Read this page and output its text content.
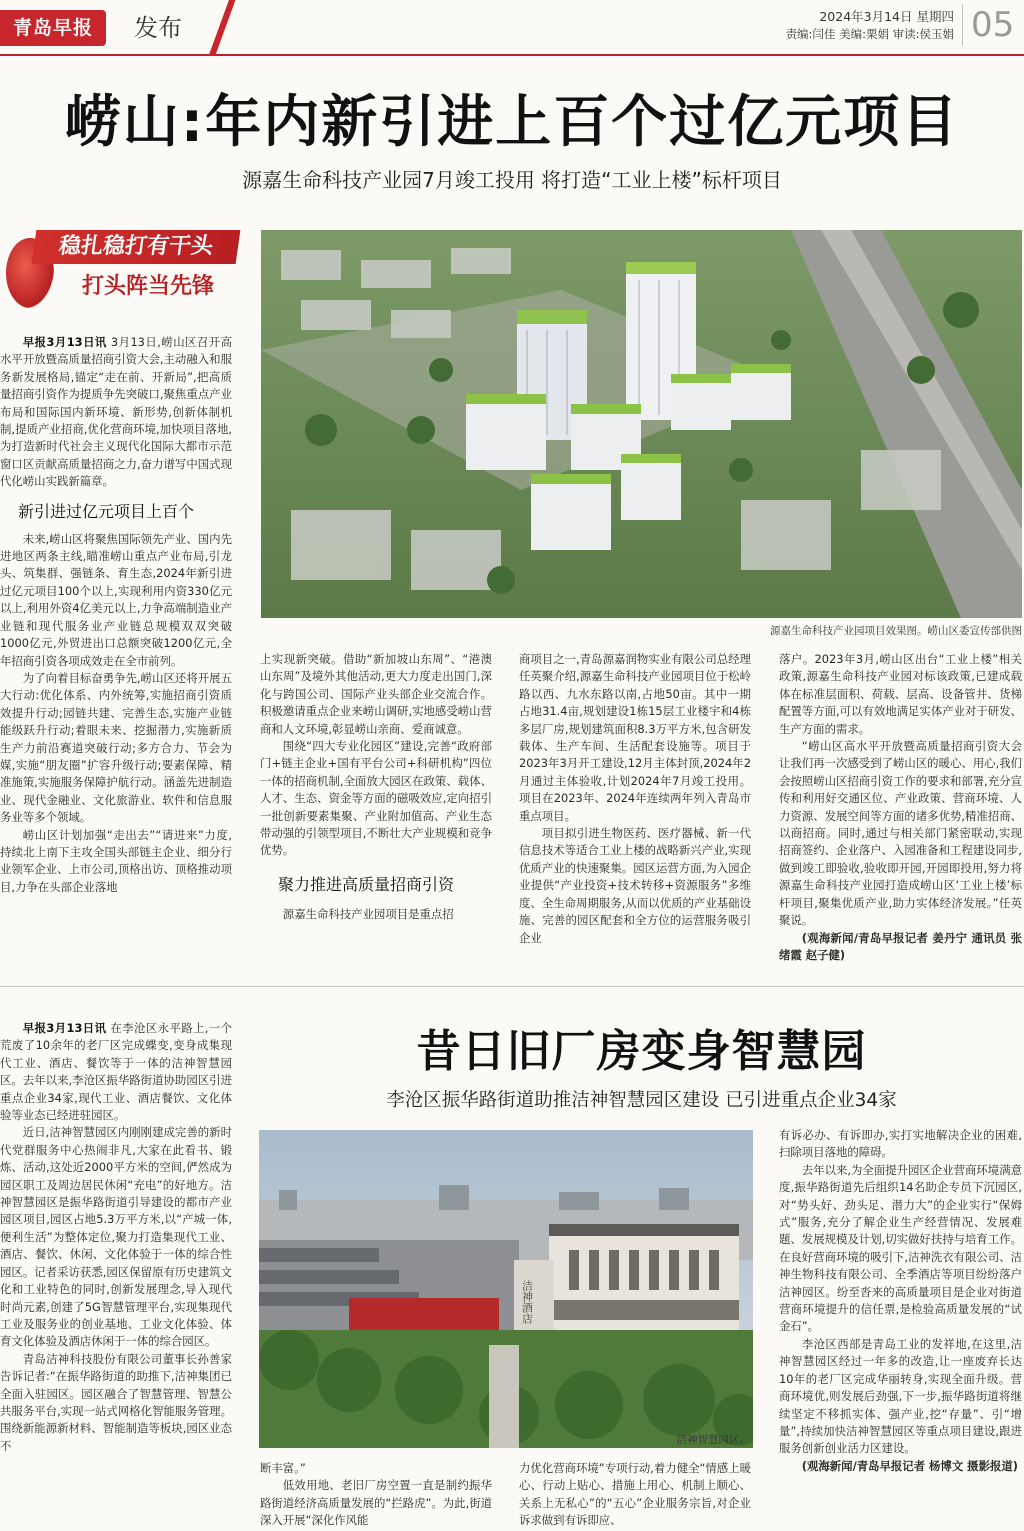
青岛早报	发布	2024年3月14日 星期四
责编:闫佳 美编:栗娟 审读:侯玉娟 05
崂山:年内新引进上百个过亿元项目
源嘉生命科技产业园7月竣工投用 将打造“工业上楼”标杆项目
稳扎稳打有干头
打头阵当先锋
源嘉生命科技产业园项目效果图。崂山区委宣传部供图

早报3月13日讯 3月13日,崂山区召开高水平开放暨高质量招商引资大会,主动融入和服务新发展格局,锚定“走在前、开新局”,把高质量招商引资作为提质争先突破口,聚焦重点产业布局和国际国内新环境、新形势,创新体制机制,提质产业招商,优化营商环境,加快项目落地,为打造新时代社会主义现代化国际大都市示范窗口区贡献高质量招商之力,奋力谱写中国式现代化崂山实践新篇章。

新引进过亿元项目上百个

未来,崂山区将聚焦国际领先产业、国内先进地区两条主线,瞄准崂山重点产业布局,引龙头、筑集群、强链条、育生态,2024年新引进过亿元项目100个以上,实现利用内资330亿元以上,利用外资4亿美元以上,力争高端制造业产业链和现代服务业产业链总规模双双突破1000亿元,外贸进出口总额突破1200亿元,全年招商引资各项成效走在全市前列。

为了向着目标奋勇争先,崂山区还将开展五大行动:优化体系、内外统筹,实施招商引资质效提升行动;园链共建、完善生态,实施产业链能级跃升行动;着眼未来、挖掘潜力,实施新质生产力前沿赛道突破行动;多方合力、节会为媒,实施“朋友圈”扩容升级行动;要素保障、精准施策,实施服务保障护航行动。涵盖先进制造业、现代金融业、文化旅游业、软件和信息服务业等多个领域。

崂山区计划加强“走出去”“请进来”力度,持续北上南下主攻全国头部链主企业、细分行业领军企业、上市公司,顶格出访、顶格推动项目,力争在头部企业落地

上实现新突破。借助“新加坡山东周”、“港澳山东周”及境外其他活动,更大力度走出国门,深化与跨国公司、国际产业头部企业交流合作。积极邀请重点企业来崂山调研,实地感受崂山营商和人文环境,彰显崂山亲商、爱商诚意。

围绕“四大专业化园区”建设,完善“政府部门+链主企业+国有平台公司+科研机构”四位一体的招商机制,全面放大园区在政策、载体、人才、生态、资金等方面的磁吸效应,定向招引一批创新要素集聚、产业附加值高、产业生态带动强的引领型项目,不断壮大产业规模和竞争优势。

聚力推进高质量招商引资

源嘉生命科技产业园项目是重点招

商项目之一,青岛源嘉润物实业有限公司总经理任英聚介绍,源嘉生命科技产业园项目位于松岭路以西、九水东路以南,占地50亩。其中一期占地31.4亩,规划建设1栋15层工业楼宇和4栋多层厂房,规划建筑面积8.3万平方米,包含研发载体、生产车间、生活配套设施等。项目于2023年3月开工建设,12月主体封顶,2024年2月通过主体验收,计划2024年7月竣工投用。项目在2023年、2024年连续两年列入青岛市重点项目。

项目拟引进生物医药、医疗器械、新一代信息技术等适合工业上楼的战略新兴产业,实现优质产业的快速聚集。园区运营方面,为入园企业提供“产业投资+技术转移+资源服务”多维度、全生命周期服务,从而以优质的产业基础设施、完善的园区配套和全方位的运营服务吸引企业

落户。2023年3月,崂山区出台“工业上楼”相关政策,源嘉生命科技产业园对标该政策,已建成载体在标准层面积、荷载、层高、设备管井、货梯配置等方面,可以有效地满足实体产业对于研发、生产方面的需求。

“崂山区高水平开放暨高质量招商引资大会让我们再一次感受到了崂山区的暖心、用心,我们会按照崂山区招商引资工作的要求和部署,充分宣传和利用好交通区位、产业政策、营商环境、人力资源、发展空间等方面的诸多优势,精准招商、以商招商。同时,通过与相关部门紧密联动,实现招商签约、企业落户、入园准备和工程建设同步,做到竣工即验收,验收即开园,开园即投用,努力将源嘉生命科技产业园打造成崂山区‘工业上楼’标杆项目,聚集优质产业,助力实体经济发展。”任英聚说。

(观海新闻/青岛早报记者 姜丹宁 通讯员 张绪霞 赵子健)

昔日旧厂房变身智慧园
李沧区振华路街道助推洁神智慧园区建设 已引进重点企业34家
洁神酒店
洁神智慧园区。

早报3月13日讯 在李沧区永平路上,一个荒废了10余年的老厂区完成蝶变,变身成集现代工业、酒店、餐饮等于一体的洁神智慧园区。去年以来,李沧区振华路街道协助园区引进重点企业34家,现代工业、酒店餐饮、文化体验等业态已经进驻园区。

近日,洁神智慧园区内刚刚建成完善的新时代党群服务中心热闹非凡,大家在此看书、锻炼、活动,这处近2000平方米的空间,俨然成为园区职工及周边居民休闲“充电”的好地方。洁神智慧园区是振华路街道引导建设的都市产业园区项目,园区占地5.3万平方米,以“产城一体,便利生活”为整体定位,聚力打造集现代工业、酒店、餐饮、休闲、文化体验于一体的综合性园区。记者采访获悉,园区保留原有历史建筑文化和工业特色的同时,创新发展理念,导入现代时尚元素,创建了5G智慧管理平台,实现集现代工业及服务业的创业基地、工业文化体验、体育文化体验及酒店休闲于一体的综合园区。

青岛洁神科技股份有限公司董事长孙善家告诉记者:“在振华路街道的助推下,洁神集团已全面入驻园区。园区融合了智慧管理、智慧公共服务平台,实现一站式网格化智能服务管理。围绕新能源新材料、智能制造等板块,园区业态不

断丰富。”

低效用地、老旧厂房空置一直是制约振华路街道经济高质量发展的“拦路虎”。为此,街道深入开展“深化作风能

力优化营商环境”专项行动,着力健全“情感上暖心、行动上贴心、措施上用心、机制上顺心、关系上无私心”的“五心”企业服务宗旨,对企业诉求做到有诉即应、

有诉必办、有诉即办,实打实地解决企业的困难,扫除项目落地的障碍。

去年以来,为全面提升园区企业营商环境满意度,振华路街道先后组织14名助企专员下沉园区,对“势头好、劲头足、潜力大”的企业实行“保姆式”服务,充分了解企业生产经营情况、发展难题、发展规模及计划,切实做好扶持与培育工作。在良好营商环境的吸引下,洁神洗衣有限公司、洁神生物科技有限公司、全季酒店等项目纷纷落户洁神园区。纷至沓来的高质量项目是企业对街道营商环境提升的信任票,是检验高质量发展的“试金石”。

李沧区西部是青岛工业的发祥地,在这里,洁神智慧园区经过一年多的改造,让一座废弃长达10年的老厂区完成华丽转身,实现全面升级。营商环境优,则发展后劲强,下一步,振华路街道将继续坚定不移抓实体、强产业,挖“存量”、引“增量”,持续加快洁神智慧园区等重点项目建设,跟进服务创新创业活力区建设。

(观海新闻/青岛早报记者 杨博文 摄影报道)
